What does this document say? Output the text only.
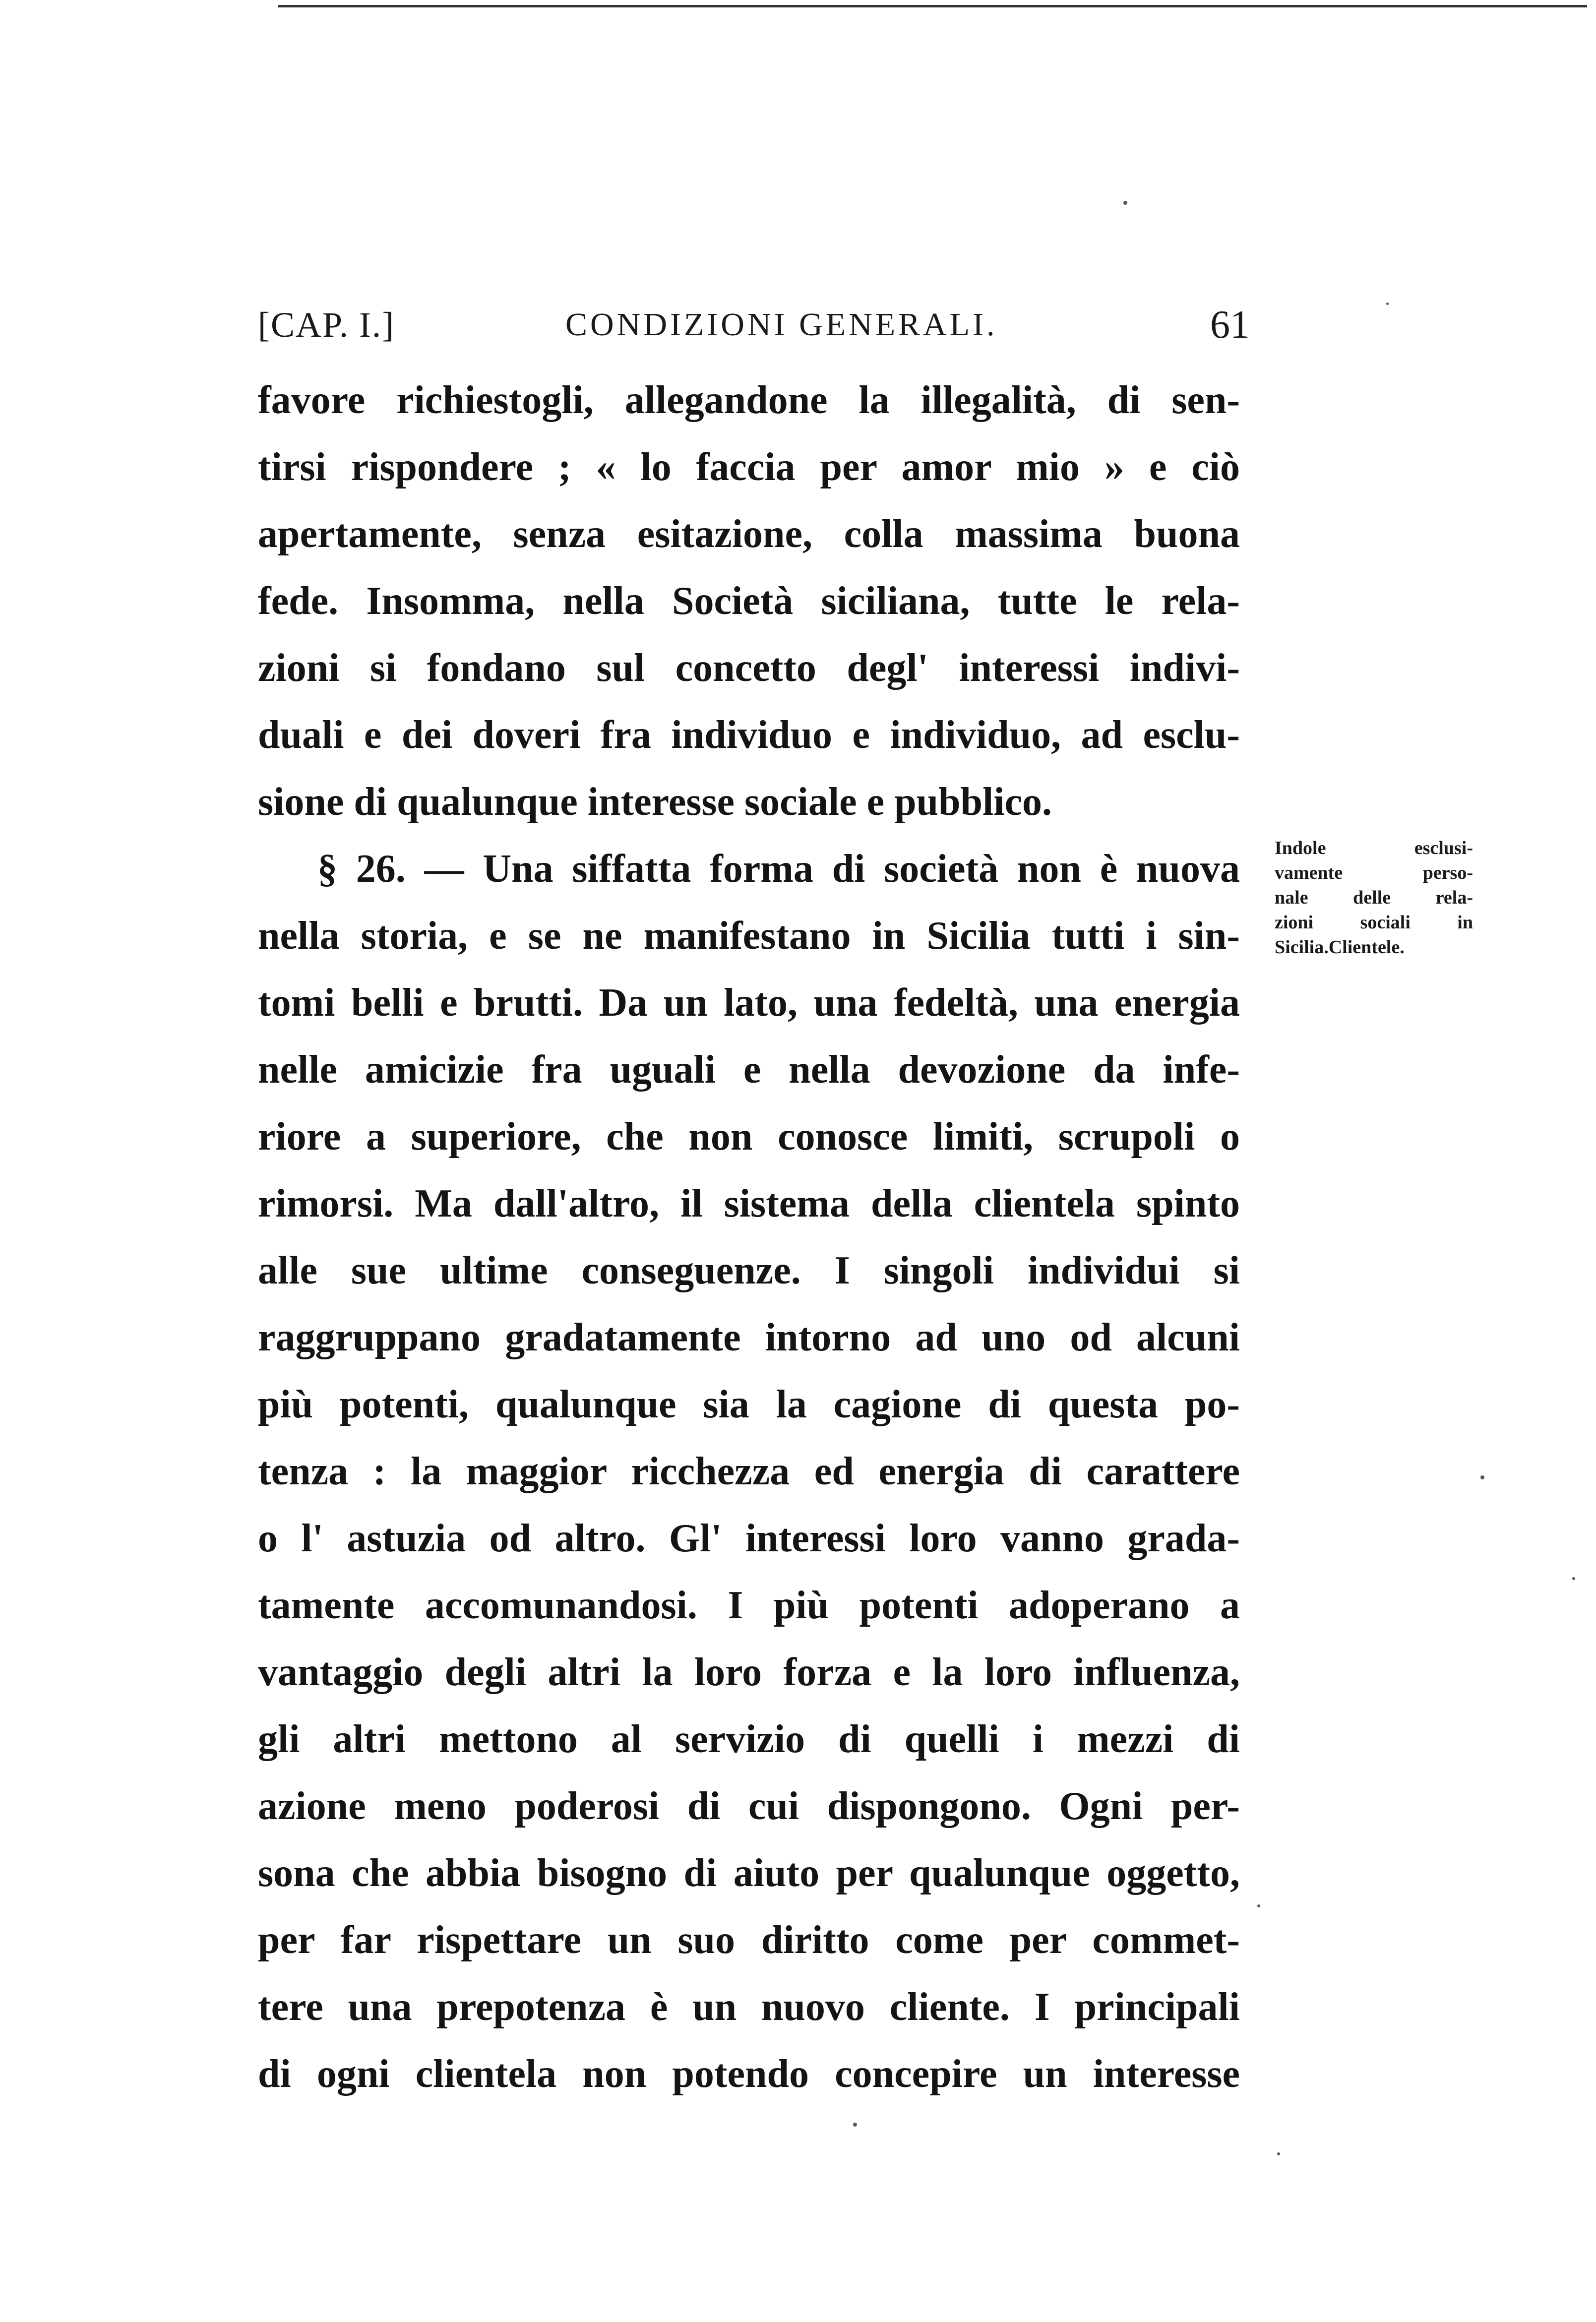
[CAP. I.]	CONDIZIONI GENERALI.	61
favore richiestogli, allegandone la illegalità, di sen-
tirsi rispondere ; « lo faccia per amor mio » e ciò
apertamente, senza esitazione, colla massima buona
fede. Insomma, nella Società siciliana, tutte le rela-
zioni si fondano sul concetto degl' interessi indivi-
duali e dei doveri fra individuo e individuo, ad esclu-
sione di qualunque interesse sociale e pubblico.
§ 26. — Una siffatta forma di società non è nuova
nella storia, e se ne manifestano in Sicilia tutti i sin-
tomi belli e brutti. Da un lato, una fedeltà, una energia
nelle amicizie fra uguali e nella devozione da infe-
riore a superiore, che non conosce limiti, scrupoli o
rimorsi. Ma dall'altro, il sistema della clientela spinto
alle sue ultime conseguenze. I singoli individui si
raggruppano gradatamente intorno ad uno od alcuni
più potenti, qualunque sia la cagione di questa po-
tenza : la maggior ricchezza ed energia di carattere
o l' astuzia od altro. Gl' interessi loro vanno grada-
tamente accomunandosi. I più potenti adoperano a
vantaggio degli altri la loro forza e la loro influenza,
gli altri mettono al servizio di quelli i mezzi di
azione meno poderosi di cui dispongono. Ogni per-
sona che abbia bisogno di aiuto per qualunque oggetto,
per far rispettare un suo diritto come per commet-
tere una prepotenza è un nuovo cliente. I principali
di ogni clientela non potendo concepire un interesse
Indole esclusi-
vamente perso-
nale delle rela-
zioni sociali in
Sicilia.Clientele.
